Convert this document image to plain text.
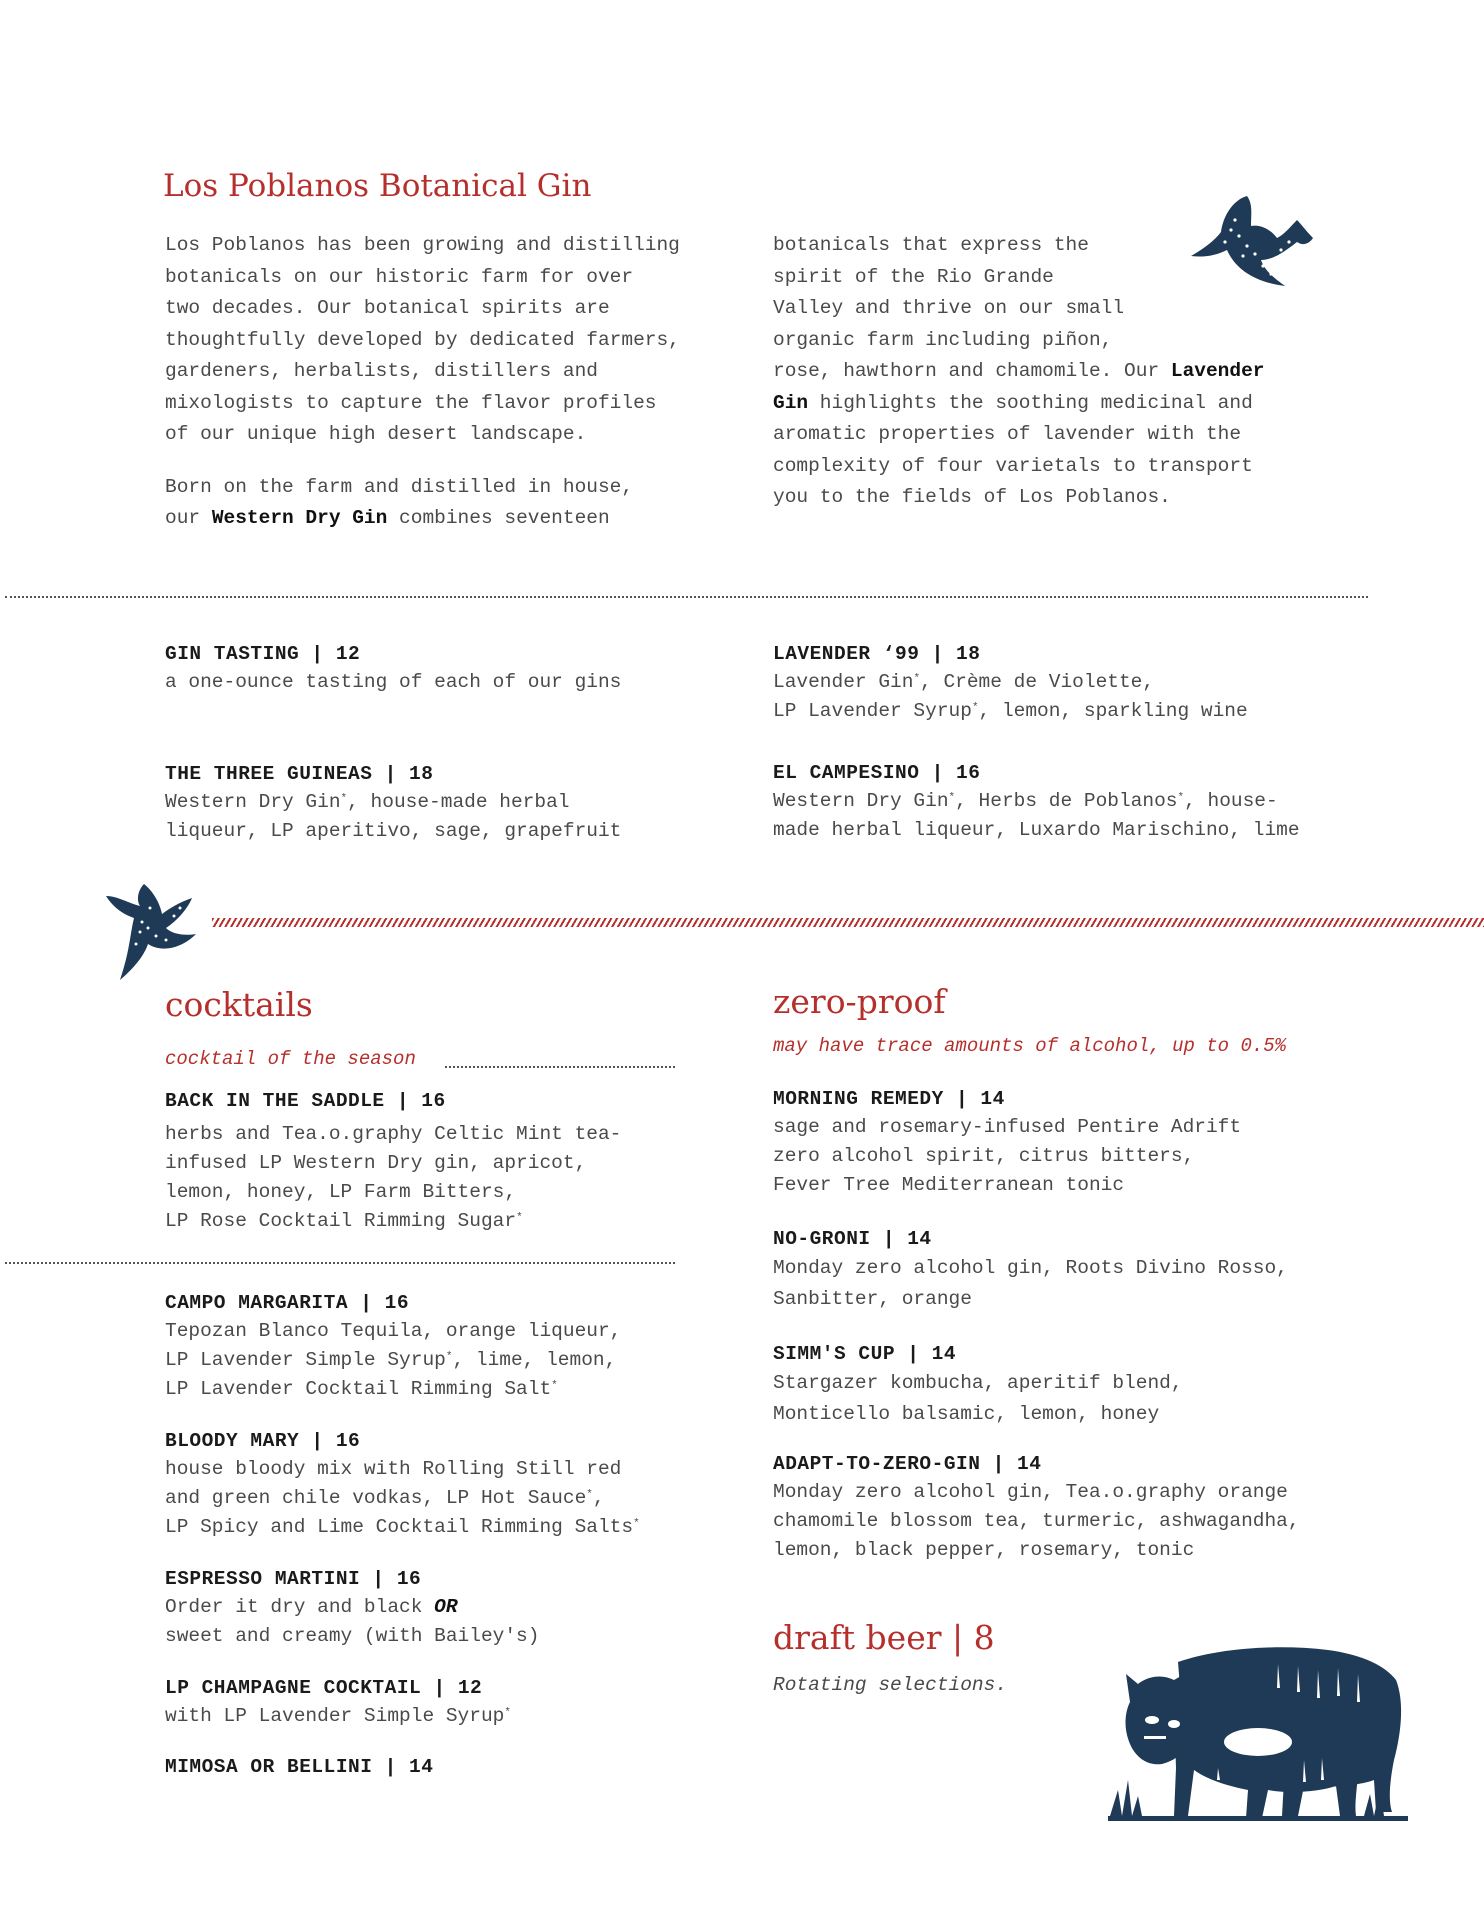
Los Poblanos Botanical Gin

Los Poblanos has been growing and distilling
botanicals on our historic farm for over
two decades. Our botanical spirits are
thoughtfully developed by dedicated farmers,
gardeners, herbalists, distillers and
mixologists to capture the flavor profiles
of our unique high desert landscape.

Born on the farm and distilled in house,
our Western Dry Gin combines seventeen

botanicals that express the
spirit of the Rio Grande
Valley and thrive on our small
organic farm including piñon,
rose, hawthorn and chamomile. Our Lavender
Gin highlights the soothing medicinal and
aromatic properties of lavender with the
complexity of four varietals to transport
you to the fields of Los Poblanos.

GIN TASTING | 12
a one-ounce tasting of each of our gins
THE THREE GUINEAS | 18
Western Dry Gin*, house-made herbal
liqueur, LP aperitivo, sage, grapefruit
LAVENDER ‘99 | 18
Lavender Gin*, Crème de Violette,
LP Lavender Syrup*, lemon, sparkling wine
EL CAMPESINO | 16
Western Dry Gin*, Herbs de Poblanos*, house-
made herbal liqueur, Luxardo Marischino, lime
cocktails
cocktail of the season
BACK IN THE SADDLE | 16
herbs and Tea.o.graphy Celtic Mint tea-
infused LP Western Dry gin, apricot,
lemon, honey, LP Farm Bitters,
LP Rose Cocktail Rimming Sugar*
CAMPO MARGARITA | 16
Tepozan Blanco Tequila, orange liqueur,
LP Lavender Simple Syrup*, lime, lemon,
LP Lavender Cocktail Rimming Salt*
BLOODY MARY | 16
house bloody mix with Rolling Still red
and green chile vodkas, LP Hot Sauce*,
LP Spicy and Lime Cocktail Rimming Salts*
ESPRESSO MARTINI | 16
Order it dry and black OR
sweet and creamy (with Bailey's)
LP CHAMPAGNE COCKTAIL | 12
with LP Lavender Simple Syrup*
MIMOSA OR BELLINI | 14
zero-proof
may have trace amounts of alcohol, up to 0.5%
MORNING REMEDY | 14
sage and rosemary-infused Pentire Adrift
zero alcohol spirit, citrus bitters,
Fever Tree Mediterranean tonic
NO-GRONI | 14
Monday zero alcohol gin, Roots Divino Rosso,
Sanbitter, orange
SIMM'S CUP | 14
Stargazer kombucha, aperitif blend,
Monticello balsamic, lemon, honey
ADAPT-TO-ZERO-GIN | 14
Monday zero alcohol gin, Tea.o.graphy orange
chamomile blossom tea, turmeric, ashwagandha,
lemon, black pepper, rosemary, tonic
draft beer | 8
Rotating selections.
